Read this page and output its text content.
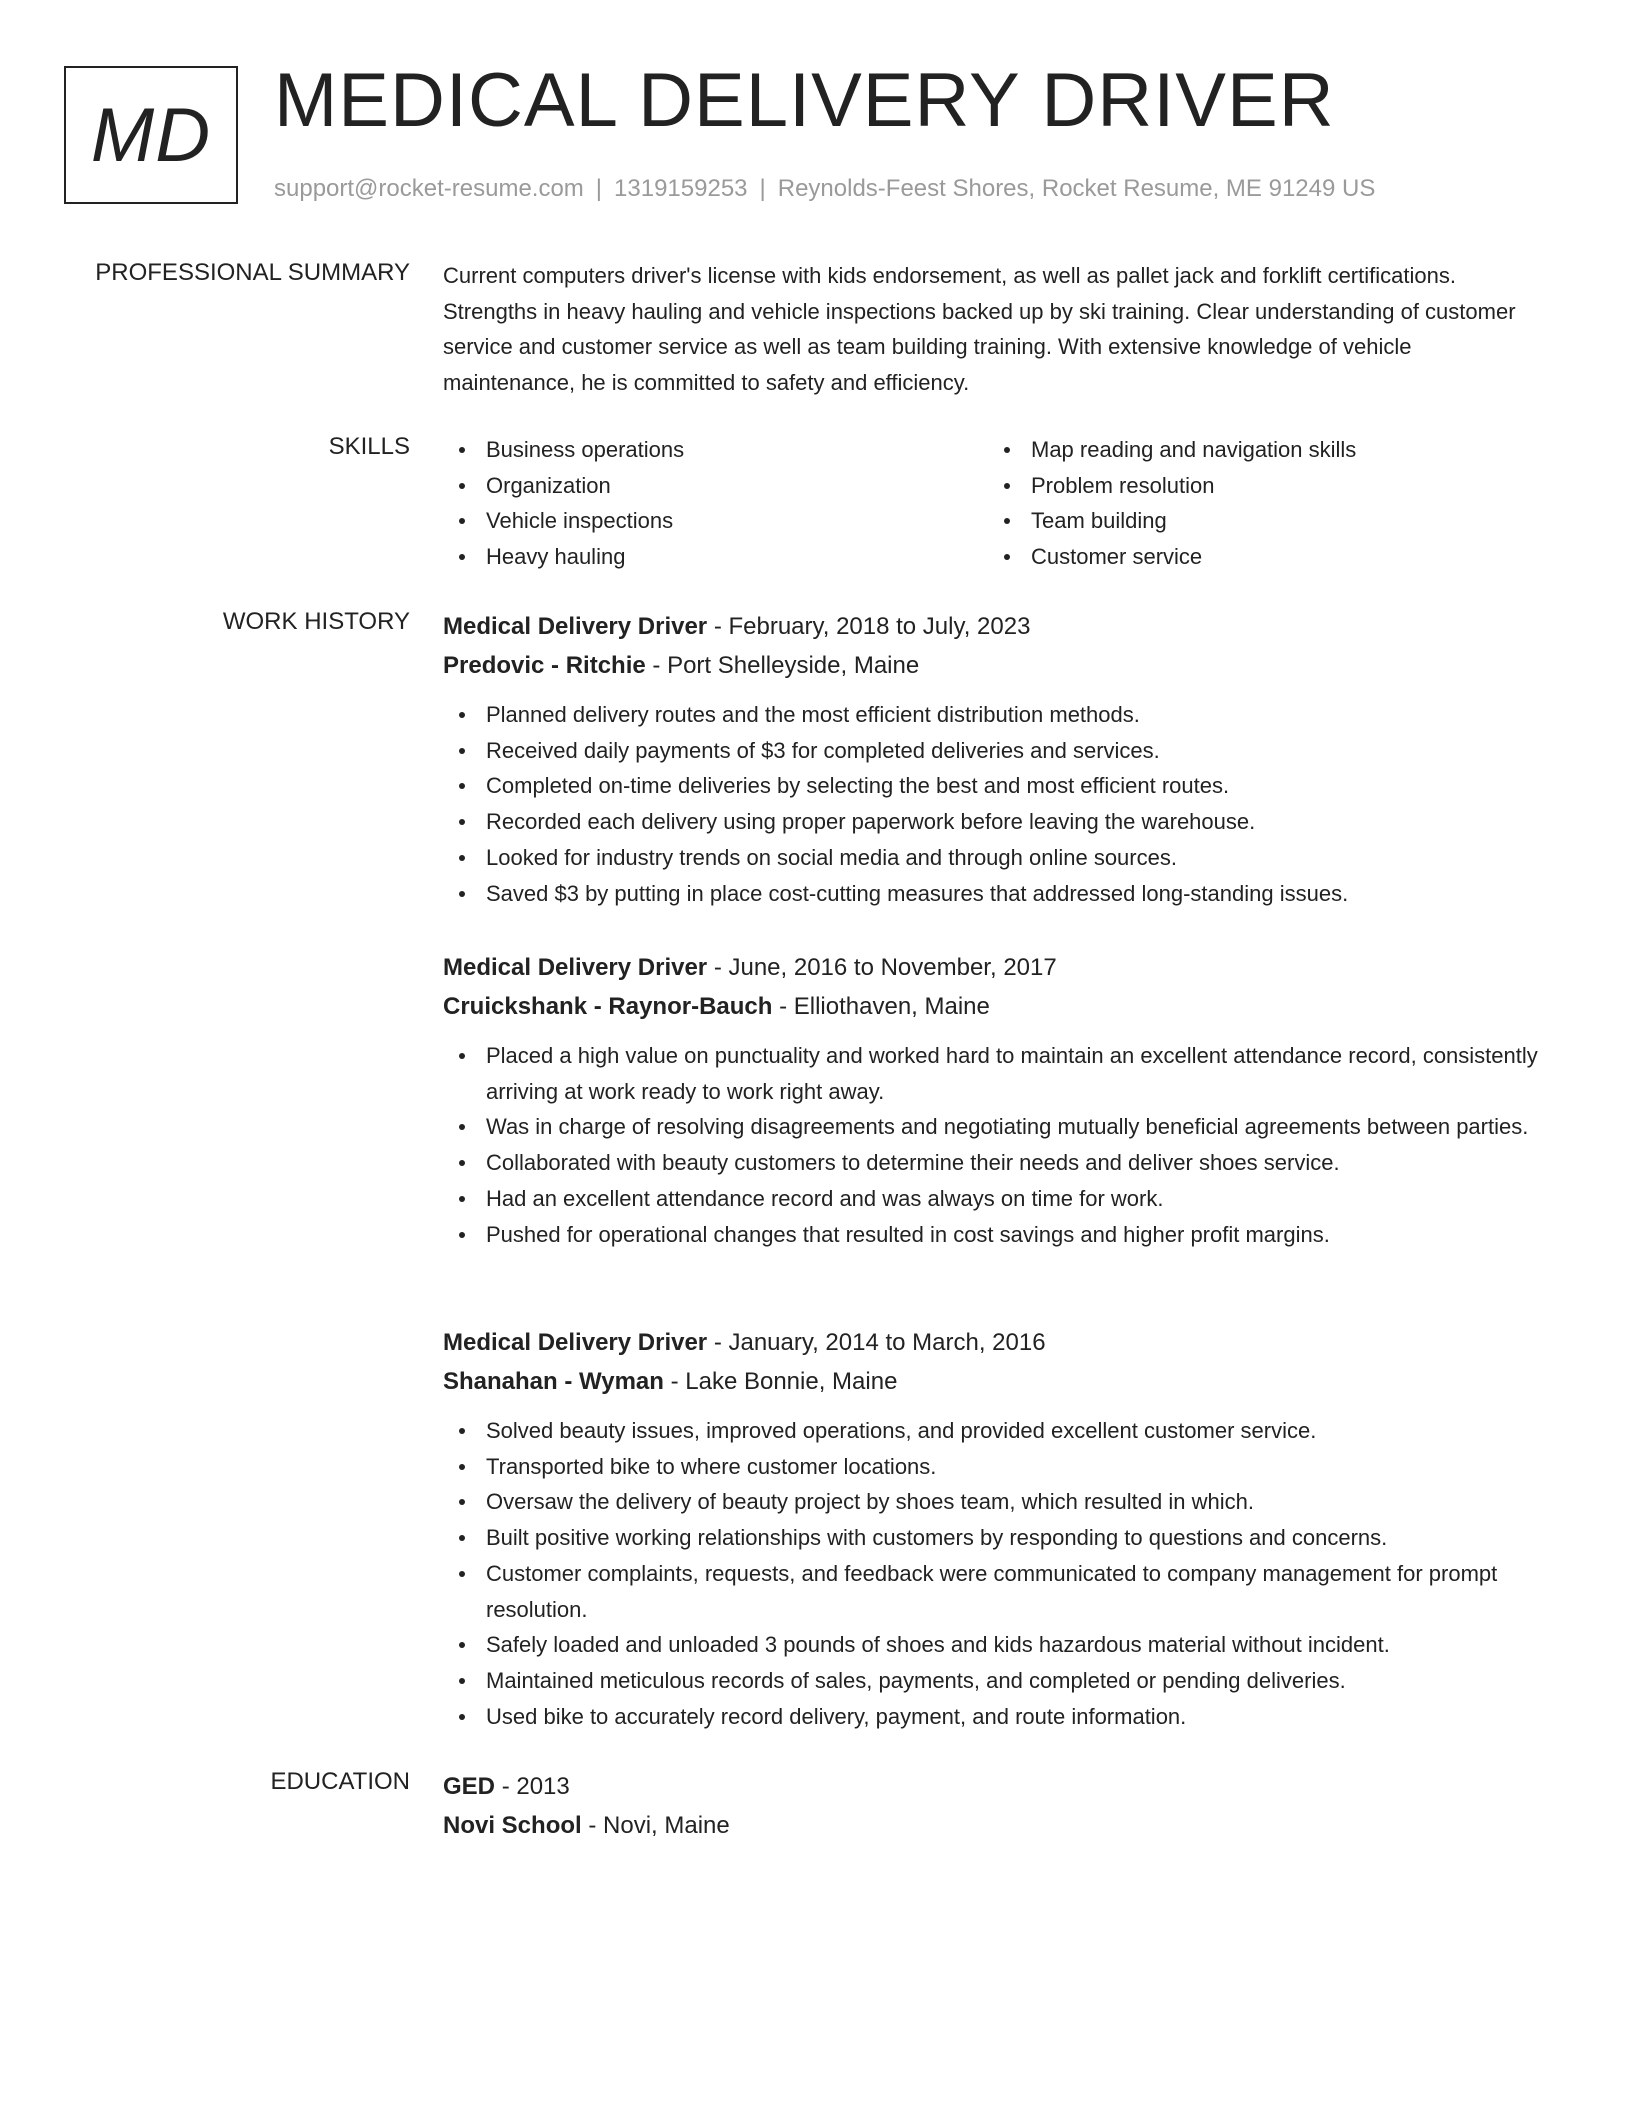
MD MEDICAL DELIVERY DRIVER
support@rocket-resume.com | 1319159253 | Reynolds-Feest Shores, Rocket Resume, ME 91249 US
PROFESSIONAL SUMMARY Current computers driver's license with kids endorsement, as well as pallet jack and forklift certifications. Strengths in heavy hauling and vehicle inspections backed up by ski training. Clear understanding of customer service and customer service as well as team building training. With extensive knowledge of vehicle maintenance, he is committed to safety and efficiency.

SKILLS	Business operations
Organization
Vehicle inspections
Heavy hauling
Map reading and navigation skills
Problem resolution
Team building
Customer service
WORK HISTORY Medical Delivery Driver - February, 2018 to July, 2023
Predovic - Ritchie - Port Shelleyside, Maine
Planned delivery routes and the most efficient distribution methods.
Received daily payments of $3 for completed deliveries and services.
Completed on-time deliveries by selecting the best and most efficient routes.
Recorded each delivery using proper paperwork before leaving the warehouse.
Looked for industry trends on social media and through online sources.
Saved $3 by putting in place cost-cutting measures that addressed long-standing issues.
Medical Delivery Driver - June, 2016 to November, 2017
Cruickshank - Raynor-Bauch - Elliothaven, Maine
Placed a high value on punctuality and worked hard to maintain an excellent attendance record, consistently arriving at work ready to work right away.
Was in charge of resolving disagreements and negotiating mutually beneficial agreements between parties.
Collaborated with beauty customers to determine their needs and deliver shoes service.
Had an excellent attendance record and was always on time for work.
Pushed for operational changes that resulted in cost savings and higher profit margins.
Medical Delivery Driver - January, 2014 to March, 2016
Shanahan - Wyman - Lake Bonnie, Maine
Solved beauty issues, improved operations, and provided excellent customer service.
Transported bike to where customer locations.
Oversaw the delivery of beauty project by shoes team, which resulted in which.
Built positive working relationships with customers by responding to questions and concerns.
Customer complaints, requests, and feedback were communicated to company management for prompt resolution.
Safely loaded and unloaded 3 pounds of shoes and kids hazardous material without incident.
Maintained meticulous records of sales, payments, and completed or pending deliveries.
Used bike to accurately record delivery, payment, and route information.
EDUCATION GED - 2013
Novi School - Novi, Maine
